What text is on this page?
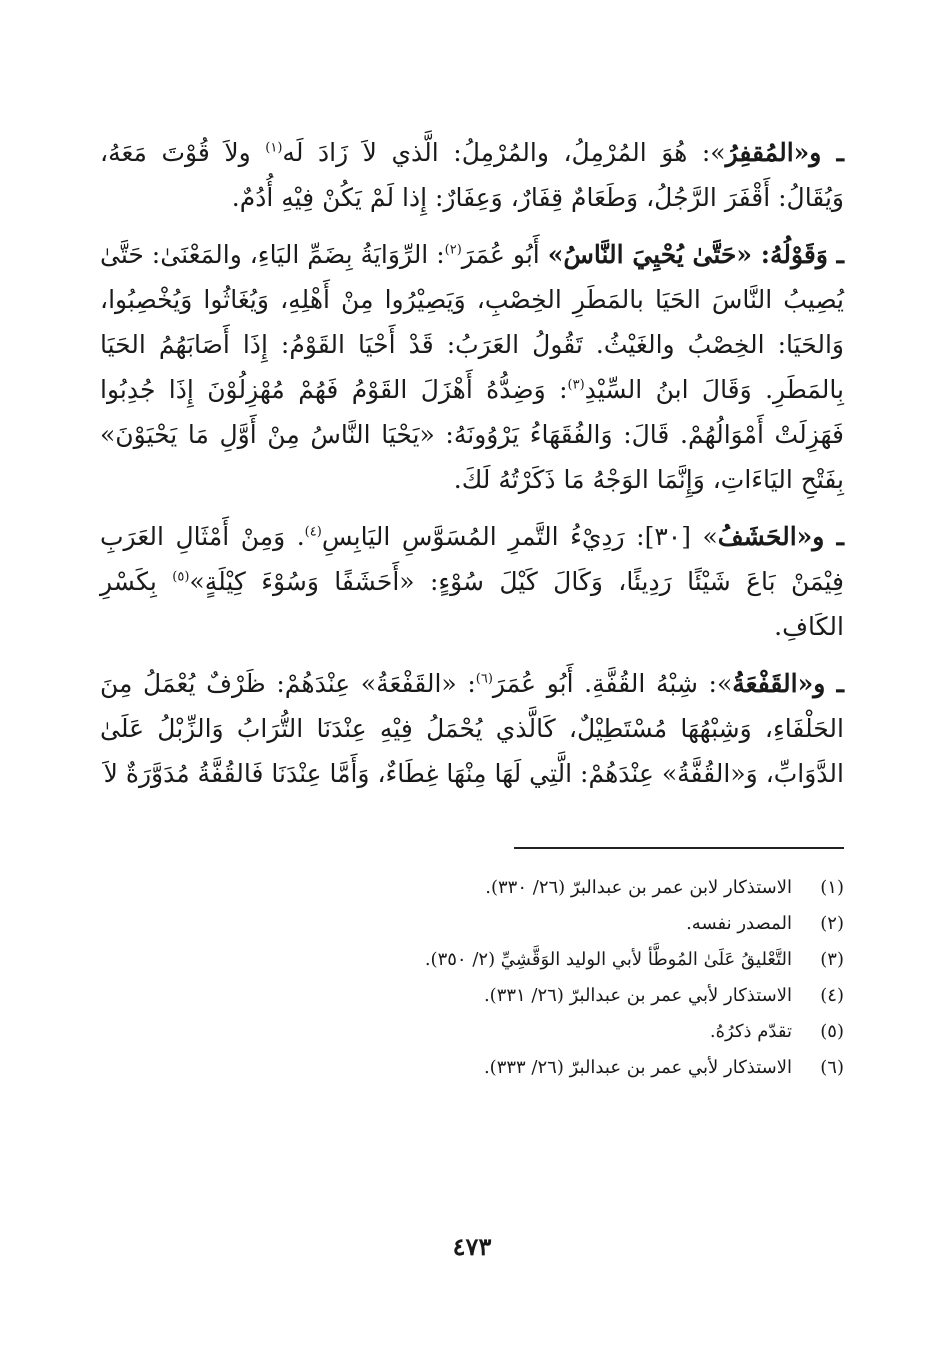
ـ و«المُقفِرُ»: هُوَ المُرْمِلُ، والمُرْمِلُ: الَّذي لاَ زَادَ لَه$^{(١)}$ ولاَ قُوْتَ مَعَهُ، وَيُقَالُ: أَقْفَرَ الرَّجُلُ، وَطَعَامٌ قِفَارٌ، وَعِفَارٌ: إِذا لَمْ يَكُنْ فِيْهِ أُدُمٌ.

ـ وَقَوْلُهُ: «حَتَّىٰ يُحْيِيَ النَّاسُ» أَبُو عُمَرَ$^{(٢)}$: الرِّوَايَةُ بِضَمِّ اليَاءِ، والمَعْنَىٰ: حَتَّىٰ يُصِيبُ النَّاسَ الحَيَا بالمَطَرِ الخِصْبِ، وَيَصِيْرُوا مِنْ أَهْلِهِ، وَيُغَاثُوا وَيُخْصِبُوا، وَالحَيَا: الخِصْبُ والغَيْثُ. تَقُولُ العَرَبُ: قَدْ أَحْيَا القَوْمُ: إِذَا أَصَابَهُمُ الحَيَا بِالمَطَرِ. وَقَالَ ابنُ السِّيْدِ$^{(٣)}$: وَضِدُّهُ أَهْزَلَ القَوْمُ فَهُمْ مُهْزِلُوْنَ إِذَا جُدِبُوا فَهَزِلَتْ أَمْوَالُهُمْ. قَالَ: وَالفُقَهَاءُ يَرْوُونَهُ: «يَحْيَا النَّاسُ مِنْ أَوَّلِ مَا يَحْيَوْنَ» بِفَتْحِ اليَاءَاتِ، وَإِنَّمَا الوَجْهُ مَا ذَكَرْتُهُ لَكَ.

ـ و«الحَشَفُ» [٣٠]: رَدِيْءُ التَّمرِ المُسَوَّسِ اليَابِسِ$^{(٤)}$. وَمِنْ أَمْثَالِ العَرَبِ فِيْمَنْ بَاعَ شَيْئًا رَدِيئًا، وَكَالَ كَيْلَ سُوْءٍ: «أَحَشَفًا وَسُوْءَ كِيْلَةٍ»$^{(٥)}$ بِكَسْرِ الكَافِ.

ـ و«القَفْعَةُ»: شِبْهُ القُفَّةِ. أَبُو عُمَرَ$^{(٦)}$: «القَفْعَةُ» عِنْدَهُمْ: ظَرْفٌ يُعْمَلُ مِنَ الحَلْفَاءِ، وَشِبْهُهَا مُسْتَطِيْلٌ، كَالَّذي يُحْمَلُ فِيْهِ عِنْدَنَا التُّرَابُ وَالزِّبْلُ عَلَىٰ الدَّوَابِّ، وَ«القُفَّةُ» عِنْدَهُمْ: الَّتِي لَهَا مِنْهَا غِطَاءٌ، وَأَمَّا عِنْدَنَا فَالقُفَّةُ مُدَوَّرَةٌ لاَ

(١)
الاستذكار لابن عمر بن عبدالبرّ (٢٦/ ٣٣٠).
(٢)
المصدر نفسه.
(٣)
التَّعْليقُ عَلَىٰ المُوطَّأ لأبي الوليد الوَقَّشِيِّ (٢/ ٣٥٠).
(٤)
الاستذكار لأبي عمر بن عبدالبرّ (٢٦/ ٣٣١).
(٥)
تقدّم ذكرُهُ.
(٦)
الاستذكار لأبي عمر بن عبدالبرّ (٢٦/ ٣٣٣).
٤٧٣
